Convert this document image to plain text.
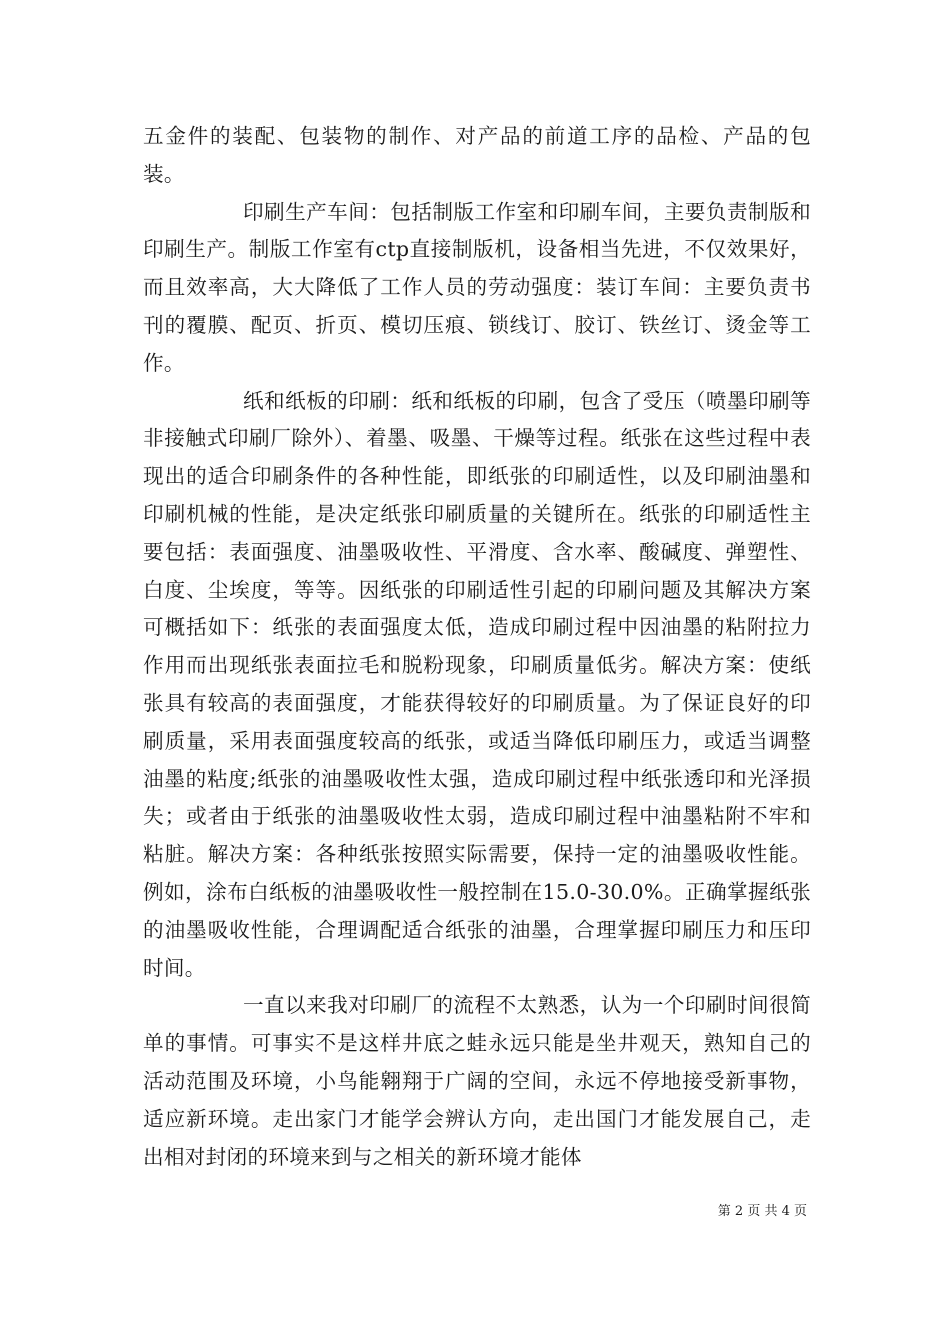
五金件的装配、包装物的制作、对产品的前道工序的品检、产品的包装。

印刷生产车间：包括制版工作室和印刷车间，主要负责制版和印刷生产。制版工作室有ctp直接制版机，设备相当先进，不仅效果好，而且效率高，大大降低了工作人员的劳动强度：装订车间：主要负责书刊的覆膜、配页、折页、模切压痕、锁线订、胶订、铁丝订、烫金等工作。

纸和纸板的印刷：纸和纸板的印刷，包含了受压（喷墨印刷等非接触式印刷厂除外）、着墨、吸墨、干燥等过程。纸张在这些过程中表现出的适合印刷条件的各种性能，即纸张的印刷适性，以及印刷油墨和印刷机械的性能，是决定纸张印刷质量的关键所在。纸张的印刷适性主要包括：表面强度、油墨吸收性、平滑度、含水率、酸碱度、弹塑性、白度、尘埃度，等等。因纸张的印刷适性引起的印刷问题及其解决方案可概括如下：纸张的表面强度太低，造成印刷过程中因油墨的粘附拉力作用而出现纸张表面拉毛和脱粉现象，印刷质量低劣。解决方案：使纸张具有较高的表面强度，才能获得较好的印刷质量。为了保证良好的印刷质量，采用表面强度较高的纸张，或适当降低印刷压力，或适当调整油墨的粘度;纸张的油墨吸收性太强，造成印刷过程中纸张透印和光泽损失；或者由于纸张的油墨吸收性太弱，造成印刷过程中油墨粘附不牢和粘脏。解决方案：各种纸张按照实际需要，保持一定的油墨吸收性能。例如，涂布白纸板的油墨吸收性一般控制在15.0-30.0%。正确掌握纸张的油墨吸收性能，合理调配适合纸张的油墨，合理掌握印刷压力和压印时间。

一直以来我对印刷厂的流程不太熟悉，认为一个印刷时间很简单的事情。可事实不是这样井底之蛙永远只能是坐井观天，熟知自己的活动范围及环境，小鸟能翱翔于广阔的空间，永远不停地接受新事物，适应新环境。走出家门才能学会辨认方向，走出国门才能发展自己，走出相对封闭的环境来到与之相关的新环境才能体

第 2 页 共 4 页
